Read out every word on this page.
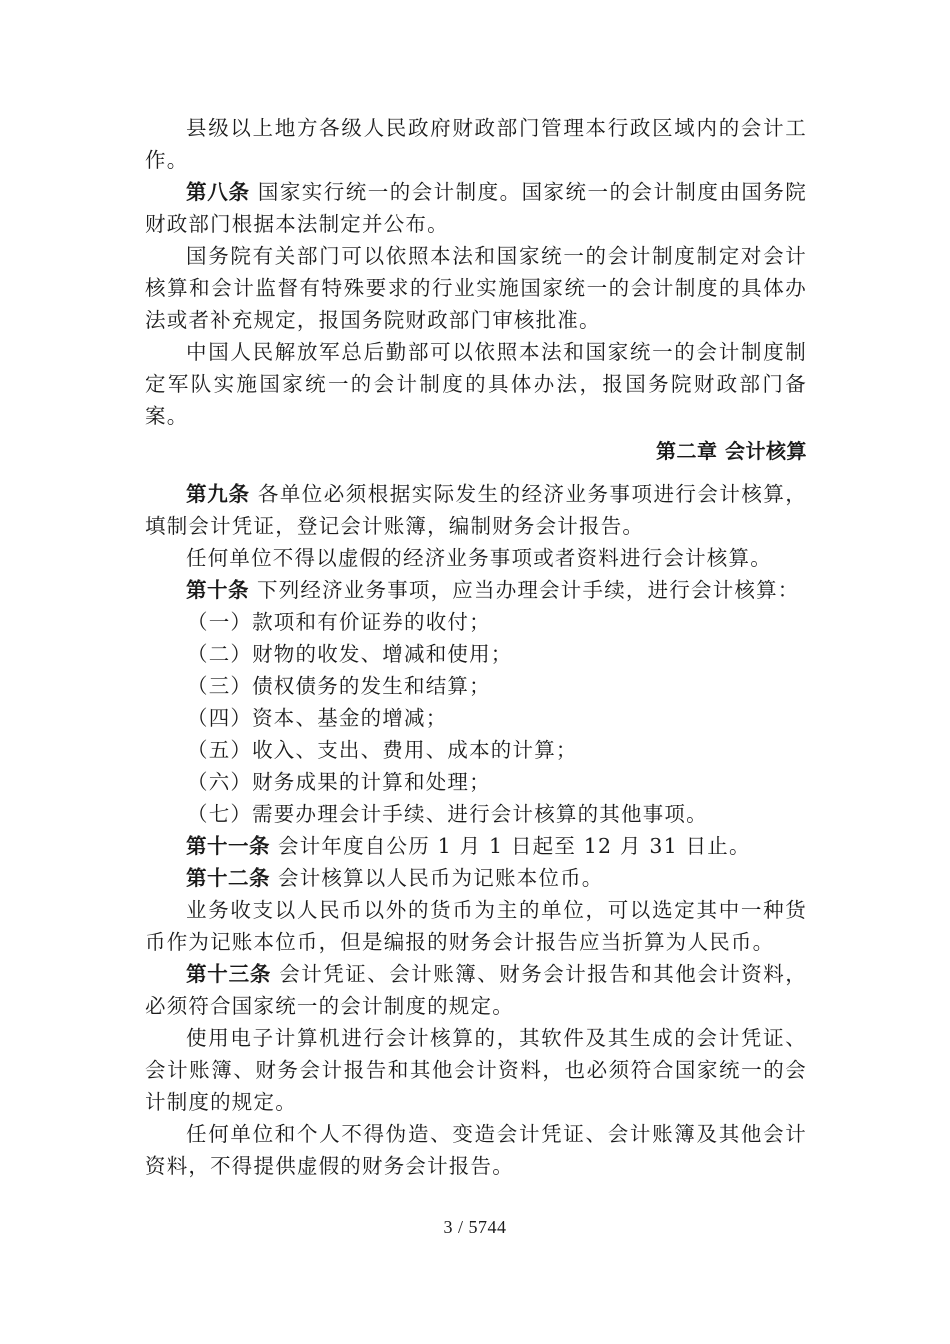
县级以上地方各级人民政府财政部门管理本行政区域内的会计工作。

第八条 国家实行统一的会计制度。国家统一的会计制度由国务院财政部门根据本法制定并公布。

国务院有关部门可以依照本法和国家统一的会计制度制定对会计核算和会计监督有特殊要求的行业实施国家统一的会计制度的具体办法或者补充规定，报国务院财政部门审核批准。

中国人民解放军总后勤部可以依照本法和国家统一的会计制度制定军队实施国家统一的会计制度的具体办法，报国务院财政部门备案。

第二章 会计核算

第九条 各单位必须根据实际发生的经济业务事项进行会计核算，填制会计凭证，登记会计账簿，编制财务会计报告。

任何单位不得以虚假的经济业务事项或者资料进行会计核算。

第十条 下列经济业务事项，应当办理会计手续，进行会计核算：

（一）款项和有价证券的收付；

（二）财物的收发、增减和使用；

（三）债权债务的发生和结算；

（四）资本、基金的增减；

（五）收入、支出、费用、成本的计算；

（六）财务成果的计算和处理；

（七）需要办理会计手续、进行会计核算的其他事项。

第十一条 会计年度自公历 1 月 1 日起至 12 月 31 日止。

第十二条 会计核算以人民币为记账本位币。

业务收支以人民币以外的货币为主的单位，可以选定其中一种货币作为记账本位币，但是编报的财务会计报告应当折算为人民币。

第十三条 会计凭证、会计账簿、财务会计报告和其他会计资料，必须符合国家统一的会计制度的规定。

使用电子计算机进行会计核算的，其软件及其生成的会计凭证、会计账簿、财务会计报告和其他会计资料，也必须符合国家统一的会计制度的规定。

任何单位和个人不得伪造、变造会计凭证、会计账簿及其他会计资料，不得提供虚假的财务会计报告。

3 / 5744
